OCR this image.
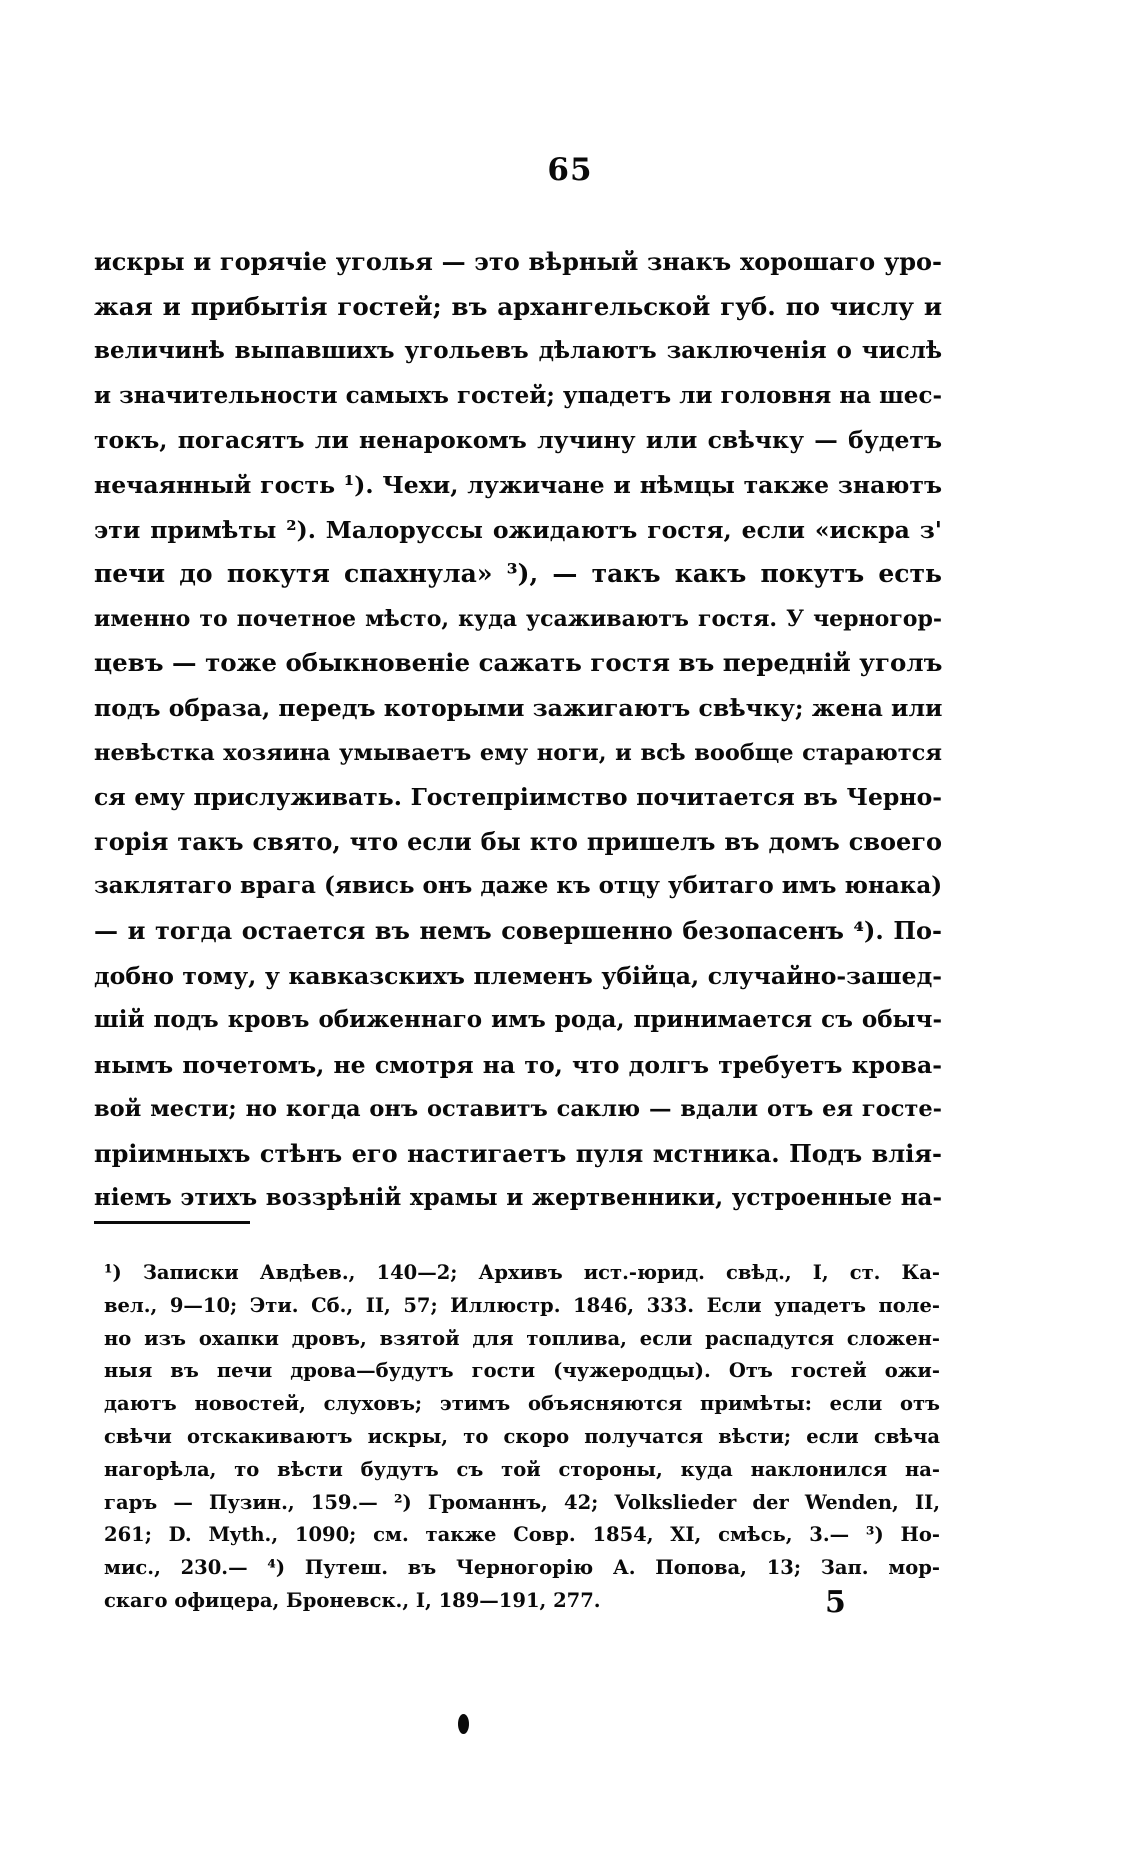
65
искры и горячіе уголья — это вѣрный знакъ хорошаго уро-
жая и прибытія гостей; въ архангельской губ. по числу и
величинѣ выпавшихъ угольевъ дѣлаютъ заключенія о числѣ
и значительности самыхъ гостей; упадетъ ли головня на шес-
токъ, погасятъ ли ненарокомъ лучину или свѣчку — будетъ
нечаянный гость ¹). Чехи, лужичане и нѣмцы также знаютъ
эти примѣты ²). Малоруссы ожидаютъ гостя, если «искра з'
печи до покутя спахнула» ³), — такъ какъ покутъ есть
именно то почетное мѣсто, куда усаживаютъ гостя. У черногор-
цевъ — тоже обыкновеніе сажать гостя въ передній уголъ
подъ образа, передъ которыми зажигаютъ свѣчку; жена или
невѣстка хозяина умываетъ ему ноги, и всѣ вообще стараются
ся ему прислуживать. Гостепріимство почитается въ Черно-
горія такъ свято, что если бы кто пришелъ въ домъ своего
заклятаго врага (явись онъ даже къ отцу убитаго имъ юнака)
— и тогда остается въ немъ совершенно безопасенъ ⁴). По-
добно тому, у кавказскихъ племенъ убійца, случайно-зашед-
шій подъ кровъ обиженнаго имъ рода, принимается съ обыч-
нымъ почетомъ, не смотря на то, что долгъ требуетъ крова-
вой мести; но когда онъ оставитъ саклю — вдали отъ ея госте-
пріимныхъ стѣнъ его настигаетъ пуля мстника. Подъ влія-
ніемъ этихъ воззрѣній храмы и жертвенники, устроенные на-
¹) Записки Авдѣев., 140—2; Архивъ ист.-юрид. свѣд., I, ст. Ка-
вел., 9—10; Эти. Сб., II, 57; Иллюстр. 1846, 333. Если упадетъ поле-
но изъ охапки дровъ, взятой для топлива, если распадутся сложен-
ныя въ печи дрова—будутъ гости (чужеродцы). Отъ гостей ожи-
даютъ новостей, слуховъ; этимъ объясняются примѣты: если отъ
свѣчи отскакиваютъ искры, то скоро получатся вѣсти; если свѣча
нагорѣла, то вѣсти будутъ съ той стороны, куда наклонился на-
гаръ — Пузин., 159.— ²) Громаннъ, 42; Volkslieder der Wenden, II,
261; D. Myth., 1090; см. также Совр. 1854, XI, смѣсь, 3.— ³) Но-
мис., 230.— ⁴) Путеш. въ Черногорію А. Попова, 13; Зап. мор-
скаго офицера, Броневск., I, 189—191, 277.	5
